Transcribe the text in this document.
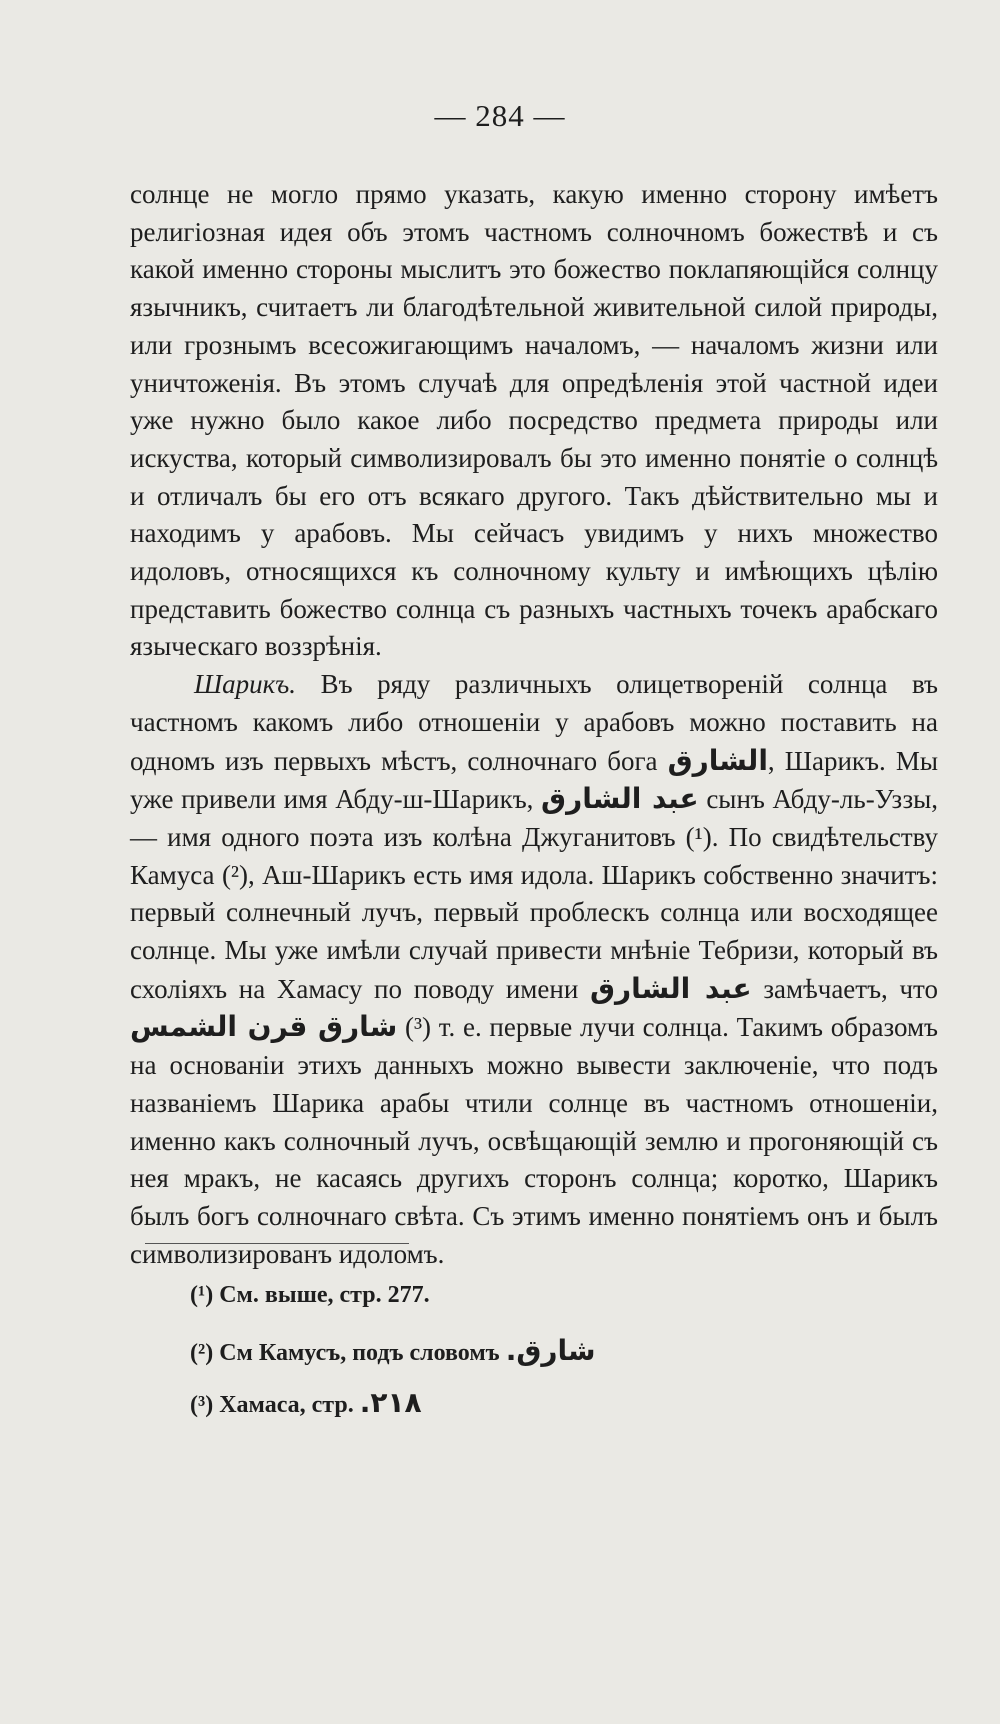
— 284 —

солнце не могло прямо указать, какую именно сторону имѣетъ религіозная идея объ этомъ частномъ солночномъ божествѣ и съ какой именно стороны мыслитъ это божество поклапяющійся солнцу язычникъ, считаетъ ли благодѣтельной живительной силой природы, или грознымъ всесожигающимъ началомъ, — началомъ жизни или уничтоженія. Въ этомъ случаѣ для опредѣленія этой частной идеи уже нужно было какое либо посредство предмета природы или искуства, который символизировалъ бы это именно понятіе о солнцѣ и отличалъ бы его отъ всякаго другого. Такъ дѣйствительно мы и находимъ у арабовъ. Мы сейчасъ увидимъ у нихъ множество идоловъ, относящихся къ солночному культу и имѣющихъ цѣлію представить божество солнца съ разныхъ частныхъ точекъ арабскаго языческаго воззрѣнія.

Шарикъ. Въ ряду различныхъ олицетвореній солнца въ частномъ какомъ либо отношеніи у арабовъ можно поставить на одномъ изъ первыхъ мѣстъ, солночнаго бога الشارق, Шарикъ. Мы уже привели имя Абду-ш-Шарикъ, عبد الشارق сынъ Абду-ль-Уззы, — имя одного поэта изъ колѣна Джуганитовъ (¹). По свидѣтельству Камуса (²), Аш-Шарикъ есть имя идола. Шарикъ собственно значитъ: первый солнечный лучъ, первый проблескъ солнца или восходящее солнце. Мы уже имѣли случай привести мнѣніе Тебризи, который въ схоліяхъ на Хамасу по поводу имени عبد الشارق замѣчаетъ, что شارق قرن الشمس (³) т. е. первые лучи солнца. Такимъ образомъ на основаніи этихъ данныхъ можно вывести заключеніе, что подъ названіемъ Шарика арабы чтили солнце въ частномъ отношеніи, именно какъ солночный лучъ, освѣщающій землю и прогоняющій съ нея мракъ, не касаясь другихъ сторонъ солнца; коротко, Шарикъ былъ богъ солночнаго свѣта. Съ этимъ именно понятіемъ онъ и былъ символизированъ идоломъ.

(¹) См. выше, стр. 277.
(²) См Камусъ, подъ словомъ شارق.
(³) Хамаса, стр. ٢١٨.
